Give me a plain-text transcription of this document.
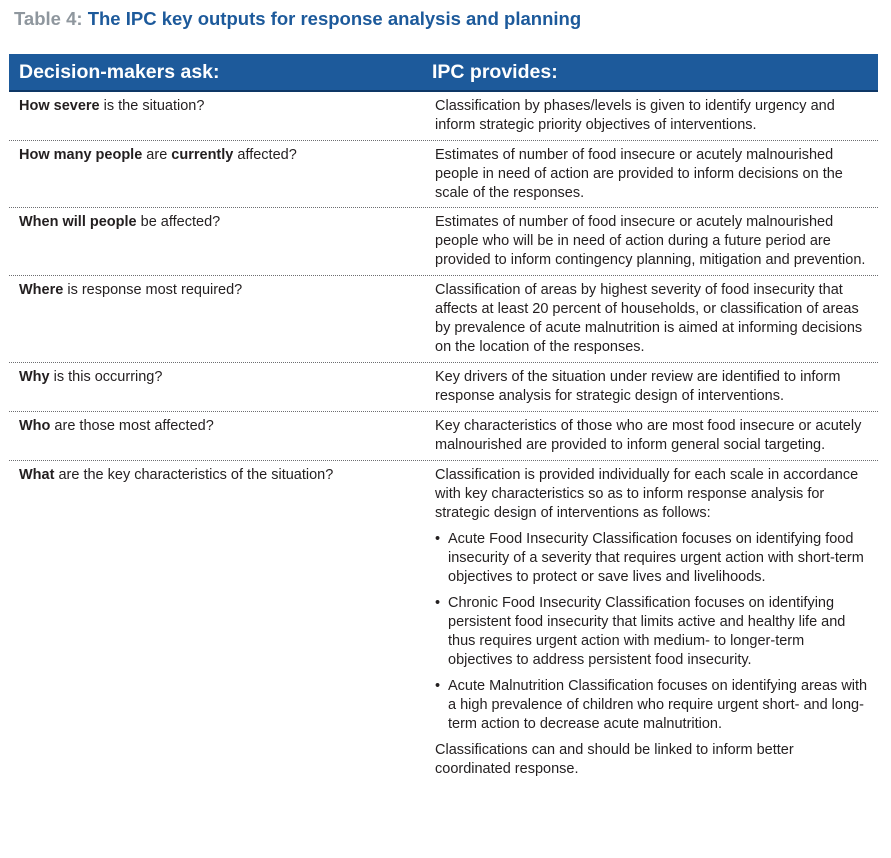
Table 4: The IPC key outputs for response analysis and planning
Decision-makers ask:	IPC provides:
How severe is the situation?	Classification by phases/levels is given to identify urgency and inform strategic priority objectives of interventions.
How many people are currently affected?	Estimates of number of food insecure or acutely malnourished people in need of action are provided to inform decisions on the scale of the responses.
When will people be affected?	Estimates of number of food insecure or acutely malnourished people who will be in need of action during a future period are provided to inform contingency planning, mitigation and prevention.
Where is response most required?	Classification of areas by highest severity of food insecurity that affects at least 20 percent of households, or classification of areas by prevalence of acute malnutrition is aimed at informing decisions on the location of the responses.
Why is this occurring?	Key drivers of the situation under review are identified to inform response analysis for strategic design of interventions.
Who are those most affected?	Key characteristics of those who are most food insecure or acutely malnourished are provided to inform general social targeting.
What are the key characteristics of the situation?	Classification is provided individually for each scale in accordance with key characteristics so as to inform response analysis for strategic design of interventions as follows:
• Acute Food Insecurity Classification focuses on identifying food insecurity of a severity that requires urgent action with short-term objectives to protect or save lives and livelihoods.
• Chronic Food Insecurity Classification focuses on identifying persistent food insecurity that limits active and healthy life and thus requires urgent action with medium- to longer-term objectives to address persistent food insecurity.
• Acute Malnutrition Classification focuses on identifying areas with a high prevalence of children who require urgent short- and long-term action to decrease acute malnutrition.
Classifications can and should be linked to inform better coordinated response.
